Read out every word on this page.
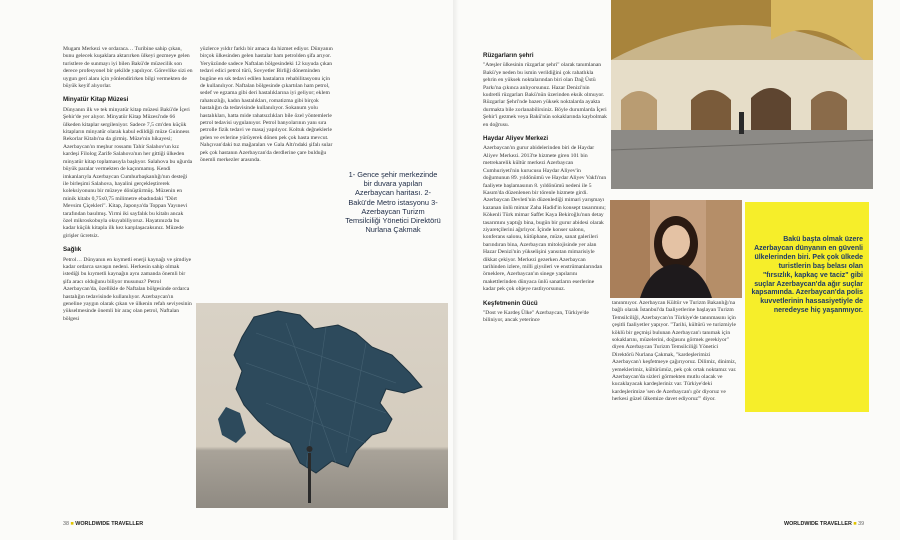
Mugam Merkezi ve ordaraca… Turibine sahip çıkan, bunu gelecek kuşaklara aktarırken ülkeyi gezmeye gelen turistlere de sunmayı iyi bilen Bakü'de müzecilik son derece profesyonel bir şekilde yapılıyor. Görevlike sizi en uygun geri alanı için yönlendirirken bilgi vermekten de büyük keyif alıyorlar.

Minyatür Kitap Müzesi

Dünyanın ilk ve tek minyatür kitap müzesi Bakü'de İçeri Şehir'de yer alıyor. Minyatür Kitap Müzesi'nde 66 ülkeden kitaplar sergileniyor. Sadece 7,5 cm'den küçük kitapların minyatür olarak kabul edildiği müze Guinness Rekorlar Kitabı'na da girmiş. Müze'nin hikayesi; Azerbaycan'ın meşhur rossamı Tahir Salahov'un kız kardeşi Filolog Zarife Salahova'nın her gittiği ülkeden minyatür kitap toplamasıyla başlıyor. Salahova bu uğurda büyük paralar vermekten de kaçınmamış. Kendi imkanlarıyla Azerbaycan Cumhurbaşkanlığı'nın desteği ile birleşimi Salahova, hayalini gerçekleştirerek koleksiyonunu bir müzeye dönüştürmüş. Müzenin en minik kitabı 0,75x0,75 milimetre ebadındaki "Dört Mevsim Çiçekleri". Kitap, Japonya'da Toppan Yayınevi tarafından basılmış. Yirmi iki sayfalık bu kitabı ancak özel mikroskobuyla okuyabiliyoruz. Hayatınızda bu kadar küçük kitapla ilk kez karşılaşacaksınız. Müzede girişler ücretsiz.

Sağlık

Petrol… Dünyanın en kıymetli enerji kaynağı ve şimdiye kadar ordarca savaşın nedeni. Herkesin sahip olmak istediği bu kıymetli kaynağın aynı zamanda önemli bir şifa aracı olduğunu biliyor musunuz? Petrol Azerbaycan'da, özellikle de Naftalan bölgesinde ordarca hastalığın tedavisinde kullanılıyor. Azerbaycan'ın geneline yaygın olarak çıkan ve ülkenin refah seviyesinin yükselmesinde önemli bir araç olan petrol, Naftalan bölgesi

yüzlerce yıldır farklı bir amaca da hizmet ediyor. Dünyanın birçok ülkesinden gelen hastalar ham petrolden şifa arıyor. Yeryüzünde sadece Naftalan bölgesindeki 12 kuyuda çıkan tedavi edici petrol türü, Sovyetler Birliği döneminden bugüne en sık tedavi edilen hastaların rehabilitasyonu için de kullanılıyor. Naftalan bölgesinde çıkartılan ham petrol, sedef ve egzama gibi deri hastalıklarına iyi geliyor; eklem rahatsızlığı, kadın hastalıkları, romatizma gibi birçok hastalığın da tedavisinde kullanılıyor. Sokanum yolu hastalıkları, hatta mide rahatsızlıkları bile özel yöntemlerle petrol tedavisi uygulanıyor. Petrol banyolarının yanı sıra petrolle fizik tedavi ve masaj yapılıyor. Koltuk değneklerle gelen ve evlerine yürüyerek dönen pek çok hasta mevcut. Nahçıvan'daki tuz mağaraları ve Gala Altı'ndaki şifalı sular pek çok hastanın Azerbaycan'da derdlerine çare bulduğu önemli merkezler arasında.

1- Gence şehir merkezinde bir duvara yapılan Azerbaycan haritası. 2- Bakü'de Metro istasyonu 3- Azerbaycan Turizm Temsilciliği Yönetici Direktörü Nurlana Çakmak
Rüzgarların şehri

"Ateşler ülkesinin rüzgarlar şehri" olarak tanımlanan Bakü'ye neden bu ismin verildiğini çok rahatlıkla şehrin en yüksek noktalarından biri olan Dağ Üstü Parkı'na çıkınca anlıyorsunuz. Hazar Denizi'nin kudretli rüzgarları Bakü'nün üzerinden eksik olmuyor. Rüzgarlar Şehri'nde bazen yüksek noktalarda ayakta durmakta bile zorlanabilirsiniz. Böyle durumlarda İçeri Şehir'i gezmek veya Bakü'nün sokaklarında kaybolmak en doğrusu.

Haydar Aliyev Merkezi

Azerbaycan'ın gurur abidelerinden biri de Haydar Aliyev Merkezi. 2013'te hizmete giren 101 bin metrekarelik kültür merkezi Azerbaycan Cumhuriyeti'nin kurucusu Haydar Aliyev'in doğumunun 89. yıldönümü ve Haydar Aliyev Vakfı'nın faaliyete başlamasının 8. yıldönümü nedeni ile 5 Kasım'da düzenlenen bir törenle hizmete girdi. Azerbaycan Devleti'nin düzenlediği mimari yarışmayı kazanan ünlü mimar Zaha Hadid'in konsept tasarımını; Kökenli Türk mimar Saffet Kaya Bekiroğlu'nun detay tasarımını yaptığı bina, bugün bir gurur abidesi olarak ziyaretçilerini ağırlıyor. İçinde konser salonu, konferans salonu, kütüphane, müze, sanat galerileri barındıran bina, Azerbaycan mitolojisinde yer alan Hazar Denizi'nin yükselişini yansıtan mimarisiyle dikkat çekiyor. Merkezi gezerken Azerbaycan tarihinden izlere, milli giysileri ve enstrümanlarından örneklere, Azerbaycan'ın sinege yapılarını makettlerinden dünyaca ünlü sanatların eserlerine kadar pek çok objeye rastlıyorsunuz.

Keşfetmenin Gücü

"Dost ve Kardeş Ülke" Azerbaycan, Türkiye'de biliniyor, ancak yeterince

tanınmıyor. Azerbaycan Kültür ve Turizm Bakanlığı'na bağlı olarak İstanbul'da faaliyetlerine başlayan Turizm Temsilciliği, Azerbaycan'ın Türkiye'de tanınmasını için çeşitli faaliyetler yapıyor. "Tarihi, kültürü ve turizmiyle köklü bir geçmişi bulunan Azerbaycan'ı tanımak için sokaklarını, müzelerini, doğasını görmek gerekiyor" diyen Azerbaycan Turizm Temsilciliği Yönetici Direktörü Nurlana Çakmak, "kardeşlerimizi Azerbaycan'ı keşfetmeye çağırıyoruz. Dilimiz, dinimiz, yemeklerimiz, kültürümüz, pek çok ortak noktamız var. Azerbaycan'da sizleri görmekten mutlu olacak ve kucaklayacak kardeşleriniz var. Türkiye'deki kardeşlerimize 'sen de Azerbaycan'ı gör diyoruz ve herkesi güzel ülkemize davet ediyoruz'" diyor.

Bakü başta olmak üzere Azerbaycan dünyanın en güvenli ülkelerinden biri. Pek çok ülkede turistlerin baş belası olan "fırsızlık, kapkaç ve taciz" gibi suçlar Azerbaycan'da ağır suçlar kapsamında. Azerbaycan'da polis kuvvetlerinin hassasiyetiyle de neredeyse hiç yaşanmıyor.
38 ■ WORLDWIDE TRAVELLER	WORLDWIDE TRAVELLER ■ 39
